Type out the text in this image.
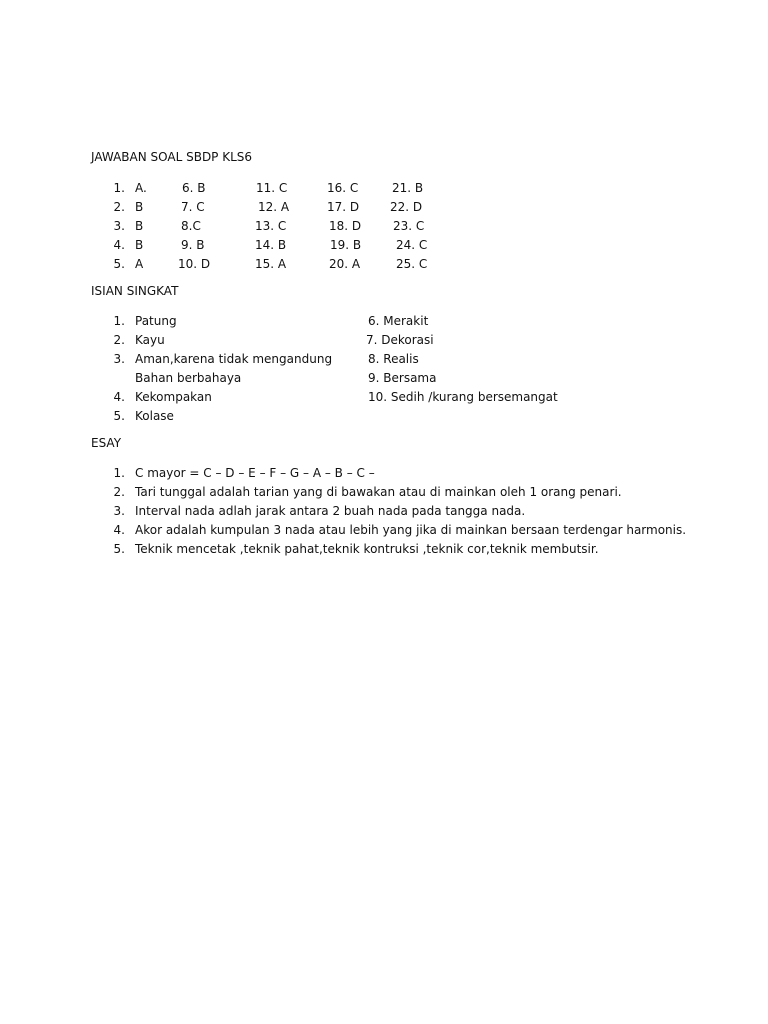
JAWABAN SOAL SBDP KLS6
1. A.	6. B	11. C	16. C	21. B
2. B	7. C	12. A	17. D	22. D
3. B	8.C	13. C	18. D	23. C
4. B	9. B	14. B	19. B	24. C
5. A	10. D	15. A	20. A	25. C
ISIAN SINGKAT
1. Patung	6. Merakit
2. Kayu	7. Dekorasi
3. Aman,karena tidak mengandung	8. Realis
Bahan berbahaya	9. Bersama
4. Kekompakan	10. Sedih /kurang bersemangat
5. Kolase
ESAY
1. C mayor = C – D – E – F – G – A – B – C –
2. Tari tunggal adalah tarian yang di bawakan atau di mainkan oleh 1 orang penari.
3. Interval nada adlah jarak antara 2 buah nada pada tangga nada.
4. Akor adalah kumpulan 3 nada atau lebih yang jika di mainkan bersaan terdengar harmonis.
5. Teknik mencetak ,teknik pahat,teknik kontruksi ,teknik cor,teknik membutsir.
